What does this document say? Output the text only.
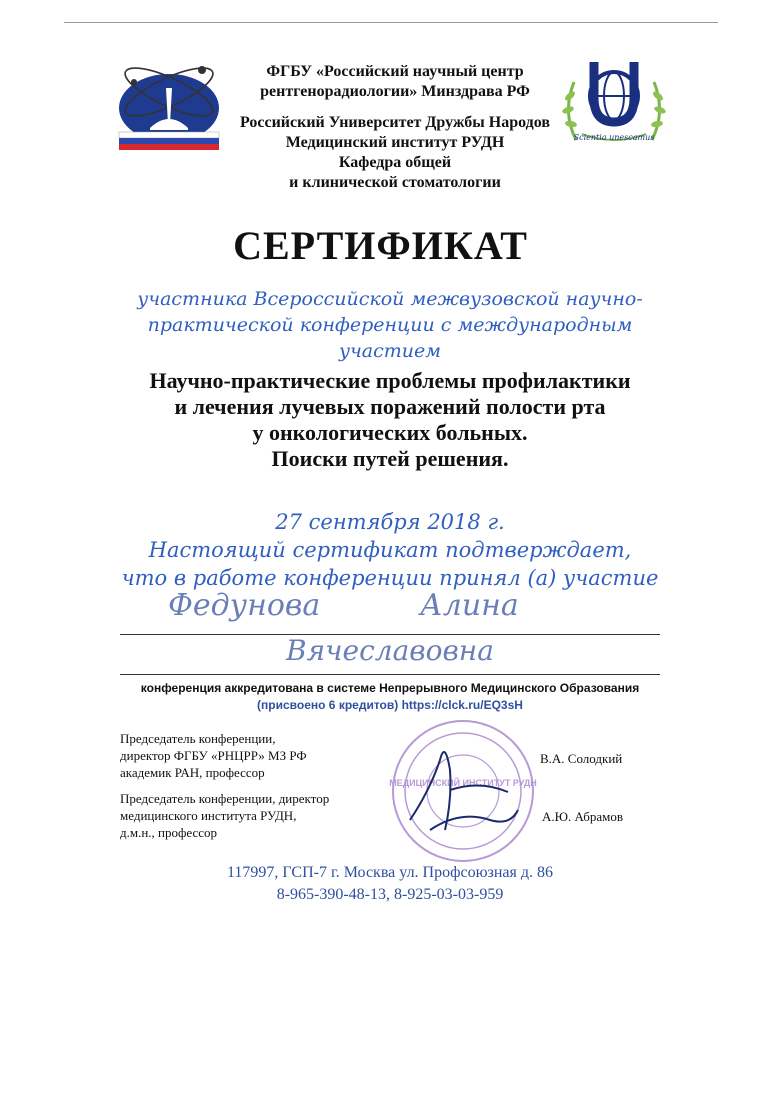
Scientia unescamus
ФГБУ «Российский научный центр
рентгенорадиологии» Минздрава РФ
Российский Университет Дружбы Народов
Медицинский институт РУДН
Кафедра общей
и клинической стоматологии
СЕРТИФИКАТ
участника Всероссийской межвузовской научно-
практической конференции с международным
участием
Научно-практические проблемы профилактики
и лечения лучевых поражений полости рта
у онкологических больных.
Поиски путей решения.
27 сентября 2018 г.
Настоящий сертификат подтверждает,
что в работе конференции принял (а) участие
Федунова	Алина
Вячеславовна
конференция аккредитована в системе Непрерывного Медицинского Образования
(присвоено 6 кредитов) https://clck.ru/EQ3sH
МЕДИЦИНСКИЙ ИНСТИТУТ РУДН
Председатель конференции,
директор ФГБУ «РНЦРР» МЗ РФ
академик РАН, профессор
В.А. Солодкий
Председатель конференции, директор
медицинского института РУДН,
д.м.н., профессор
А.Ю. Абрамов
117997, ГСП-7 г. Москва ул. Профсоюзная д. 86
8-965-390-48-13, 8-925-03-03-959
